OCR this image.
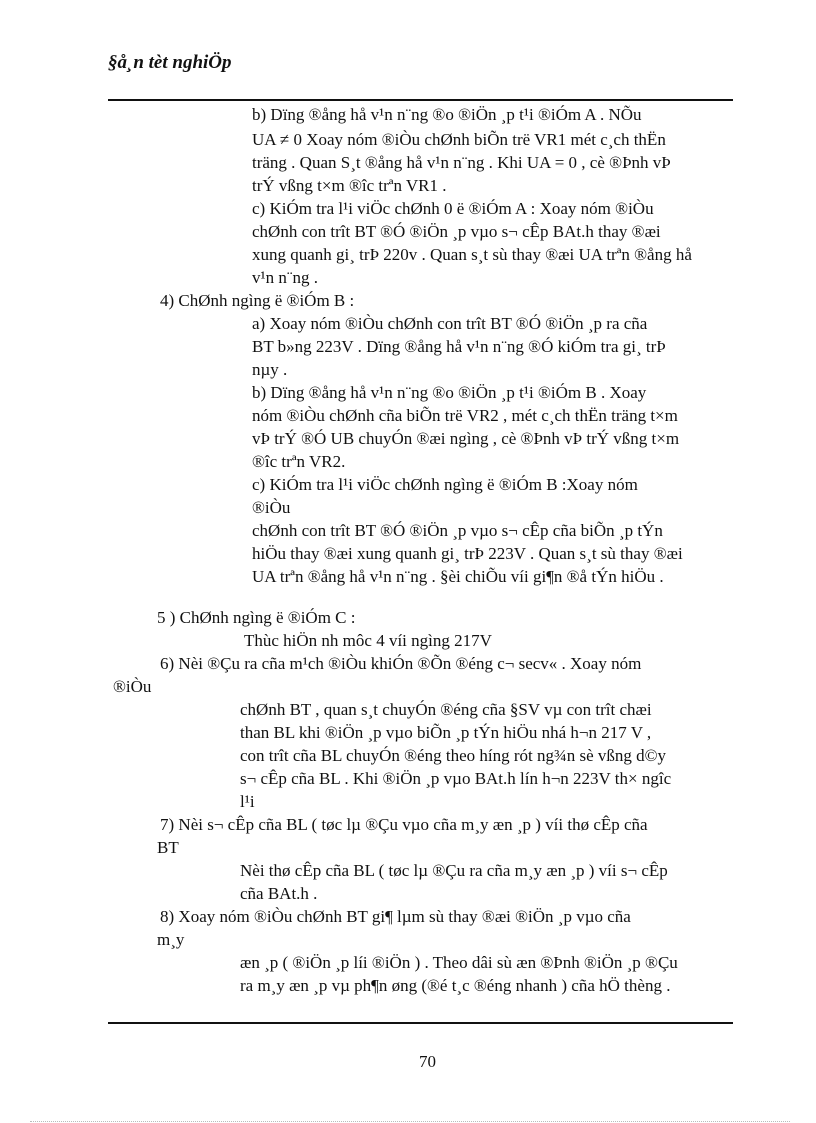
§å¸n tèt nghiÖp
b) Dïng ®ång hå v¹n n¨ng ®o ®iÖn ¸p t¹i ®iÓm A . NÕu
UA ≠ 0 Xoay nóm ®iÒu chØnh biÕn trë VR1 mét c¸ch thËn
träng . Quan S¸t ®ång hå v¹n n¨ng . Khi UA = 0 , cè ®Þnh vÞ
trÝ vßng t×m ®îc trªn VR1 .
c) KiÓm tra l¹i viÖc chØnh 0 ë ®iÓm A : Xoay nóm ®iÒu
chØnh con trît BT ®Ó ®iÖn ¸p vµo s¬ cÊp BAt.h thay ®æi
xung quanh gi¸ trÞ 220v . Quan s¸t sù thay ®æi UA trªn ®ång hå
v¹n n¨ng .
4) ChØnh ngìng ë ®iÓm B :
a) Xoay nóm ®iÒu chØnh con trît BT ®Ó ®iÖn ¸p ra cña
BT b»ng 223V . Dïng ®ång hå v¹n n¨ng ®Ó kiÓm tra gi¸ trÞ
nµy .
b) Dïng ®ång hå v¹n n¨ng ®o ®iÖn ¸p t¹i ®iÓm B . Xoay
nóm ®iÒu chØnh cña biÕn trë VR2 , mét c¸ch thËn träng t×m
vÞ trÝ ®Ó UB chuyÓn ®æi ngìng , cè ®Þnh vÞ trÝ vßng t×m
®îc trªn VR2.
c) KiÓm tra l¹i viÖc chØnh ngìng ë ®iÓm B :Xoay nóm
®iÒu
chØnh con trît BT ®Ó ®iÖn ¸p vµo s¬ cÊp cña biÕn ¸p tÝn
hiÖu thay ®æi xung quanh gi¸ trÞ 223V . Quan s¸t sù thay ®æi
UA trªn ®ång hå v¹n n¨ng . §èi chiÕu víi gi¶n ®å tÝn hiÖu .
5 ) ChØnh ngìng ë ®iÓm C :
Thùc hiÖn nh môc 4 víi ngìng 217V
6) Nèi ®Çu ra cña m¹ch ®iÒu khiÓn ®Õn ®éng c¬ secv« . Xoay nóm
®iÒu
chØnh BT , quan s¸t chuyÓn ®éng cña §SV vµ con trît chæi
than BL khi ®iÖn ¸p vµo biÕn ¸p tÝn hiÖu nhá h¬n 217 V ,
con trît cña BL chuyÓn ®éng theo híng rót ng¾n sè vßng d©y
s¬ cÊp cña BL . Khi ®iÖn ¸p vµo BAt.h lín h¬n 223V th× ngîc
l¹i
7) Nèi s¬ cÊp cña BL ( tøc lµ ®Çu vµo cña m¸y æn ¸p ) víi thø cÊp cña
BT
Nèi thø cÊp cña BL ( tøc lµ ®Çu ra cña m¸y æn ¸p ) víi s¬ cÊp
cña BAt.h .
8) Xoay nóm ®iÒu chØnh BT gi¶ lµm sù thay ®æi ®iÖn ¸p vµo cña
m¸y
æn ¸p ( ®iÖn ¸p líi ®iÖn ) . Theo dâi sù æn ®Þnh ®iÖn ¸p ®Çu
ra m¸y æn ¸p vµ ph¶n øng (®é t¸c ®éng nhanh ) cña hÖ thèng .
70
